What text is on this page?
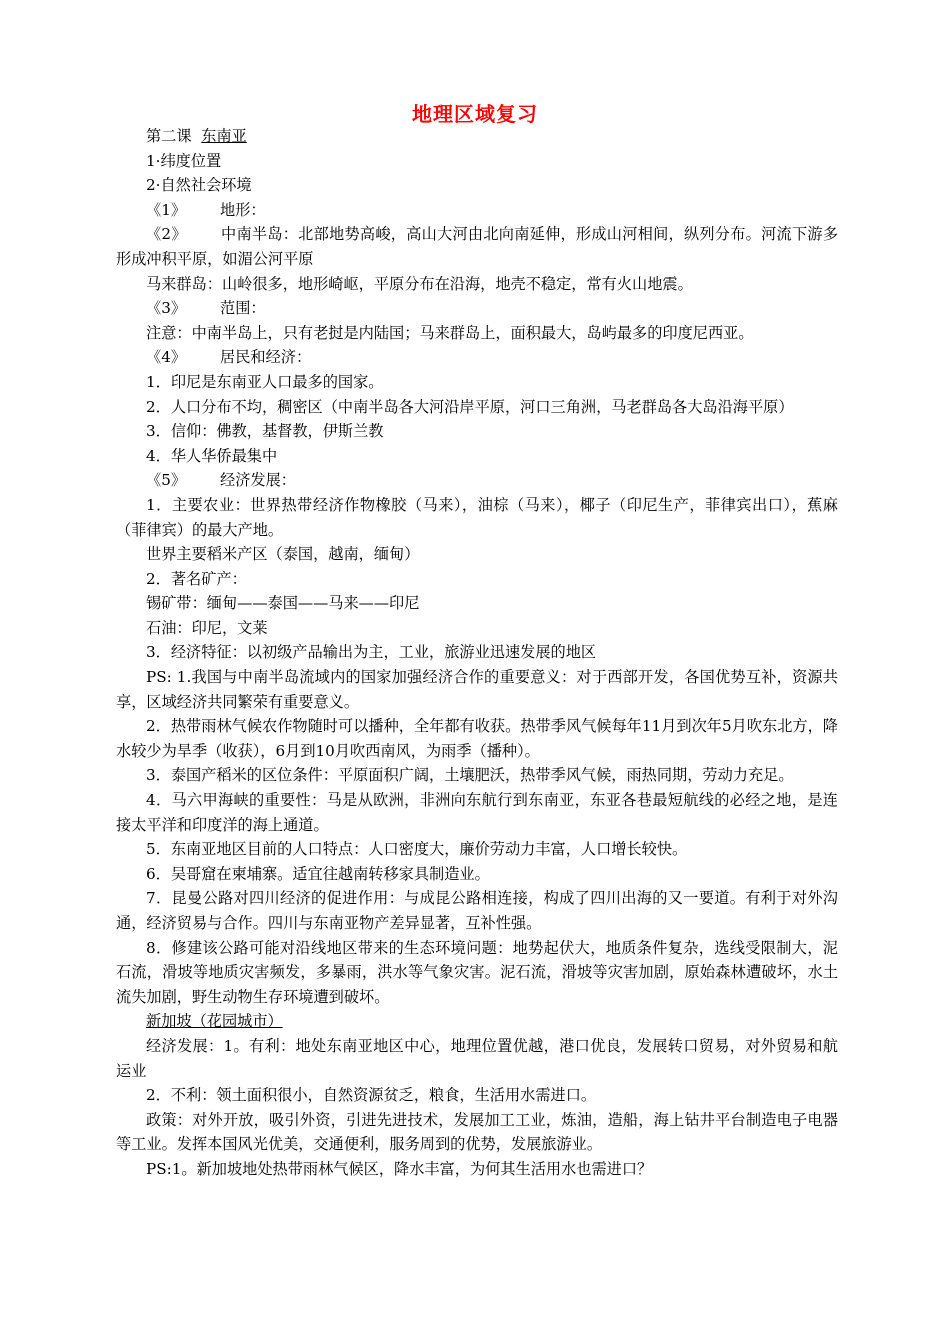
地理区域复习

第二课 东南亚

1·纬度位置

2·自然社会环境

《1》 地形：

《2》 中南半岛：北部地势高峻，高山大河由北向南延伸，形成山河相间，纵列分布。河流下游多形成冲积平原，如湄公河平原

马来群岛：山岭很多，地形崎岖，平原分布在沿海，地壳不稳定，常有火山地震。

《3》 范围：

注意：中南半岛上，只有老挝是内陆国；马来群岛上，面积最大，岛屿最多的印度尼西亚。

《4》 居民和经济：

1．印尼是东南亚人口最多的国家。

2．人口分布不均，稠密区（中南半岛各大河沿岸平原，河口三角洲，马老群岛各大岛沿海平原）

3．信仰：佛教，基督教，伊斯兰教

4．华人华侨最集中

《5》 经济发展：

1．主要农业：世界热带经济作物橡胶（马来），油棕（马来），椰子（印尼生产，菲律宾出口），蕉麻（菲律宾）的最大产地。

世界主要稻米产区（泰国，越南，缅甸）

2．著名矿产：

锡矿带：缅甸——泰国——马来——印尼

石油：印尼，文莱

3．经济特征：以初级产品输出为主，工业，旅游业迅速发展的地区

PS: 1.我国与中南半岛流域内的国家加强经济合作的重要意义：对于西部开发，各国优势互补，资源共享，区域经济共同繁荣有重要意义。

2．热带雨林气候农作物随时可以播种，全年都有收获。热带季风气候每年11月到次年5月吹东北方，降水较少为旱季（收获），6月到10月吹西南风，为雨季（播种）。

3．泰国产稻米的区位条件：平原面积广阔，土壤肥沃，热带季风气候，雨热同期，劳动力充足。

4．马六甲海峡的重要性：马是从欧洲，非洲向东航行到东南亚，东亚各巷最短航线的必经之地，是连接太平洋和印度洋的海上通道。

5．东南亚地区目前的人口特点：人口密度大，廉价劳动力丰富，人口增长较快。

6．吴哥窟在柬埔寨。适宜往越南转移家具制造业。

7．昆曼公路对四川经济的促进作用：与成昆公路相连接，构成了四川出海的又一要道。有利于对外沟通，经济贸易与合作。四川与东南亚物产差异显著，互补性强。

8．修建该公路可能对沿线地区带来的生态环境问题：地势起伏大，地质条件复杂，选线受限制大，泥石流，滑坡等地质灾害频发，多暴雨，洪水等气象灾害。泥石流，滑坡等灾害加剧，原始森林遭破坏，水土流失加剧，野生动物生存环境遭到破坏。

新加坡（花园城市）

经济发展：1。有利：地处东南亚地区中心，地理位置优越，港口优良，发展转口贸易，对外贸易和航运业

2．不利：领土面积很小，自然资源贫乏，粮食，生活用水需进口。

政策：对外开放，吸引外资，引进先进技术，发展加工工业，炼油，造船，海上钻井平台制造电子电器等工业。发挥本国风光优美，交通便利，服务周到的优势，发展旅游业。

PS:1。新加坡地处热带雨林气候区，降水丰富，为何其生活用水也需进口？
